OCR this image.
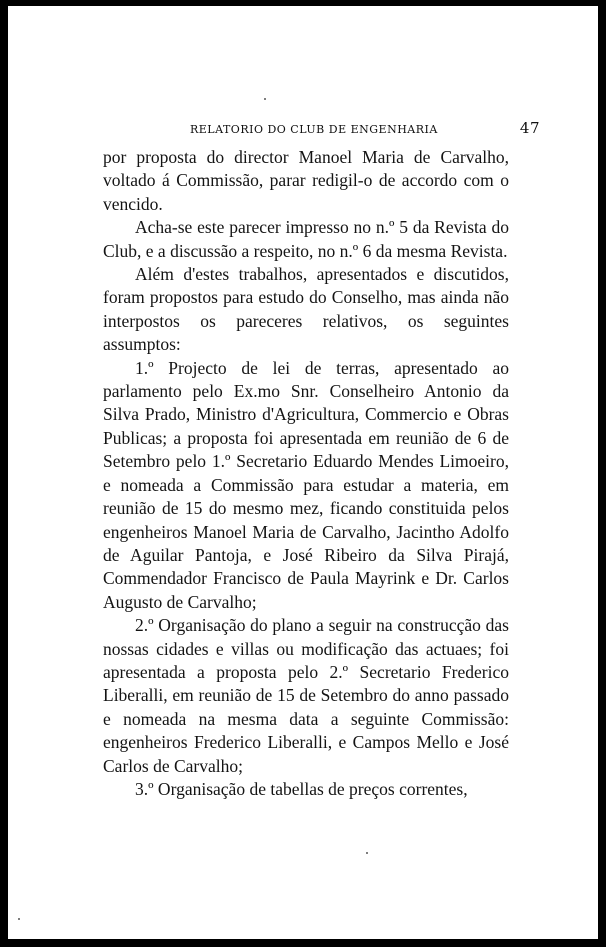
RELATORIO DO CLUB DE ENGENHARIA	47

por proposta do director Manoel Maria de Carvalho, voltado á Commissão, parar redigil-o de accordo com o vencido.

Acha-se este parecer impresso no n.º 5 da Revista do Club, e a discussão a respeito, no n.º 6 da mesma Revista.

Além d'estes trabalhos, apresentados e discutidos, foram propostos para estudo do Conselho, mas ainda não interpostos os pareceres relativos, os seguintes assumptos:

1.º Projecto de lei de terras, apresentado ao parlamento pelo Ex.mo Snr. Conselheiro Antonio da Silva Prado, Ministro d'Agricultura, Commercio e Obras Publicas; a proposta foi apresentada em reunião de 6 de Setembro pelo 1.º Secretario Eduardo Mendes Limoeiro, e nomeada a Commissão para estudar a materia, em reunião de 15 do mesmo mez, ficando constituida pelos engenheiros Manoel Maria de Carvalho, Jacintho Adolfo de Aguilar Pantoja, e José Ribeiro da Silva Pirajá, Commendador Francisco de Paula Mayrink e Dr. Carlos Augusto de Carvalho;

2.º Organisação do plano a seguir na construcção das nossas cidades e villas ou modificação das actuaes; foi apresentada a proposta pelo 2.º Secretario Frederico Liberalli, em reunião de 15 de Setembro do anno passado e nomeada na mesma data a seguinte Commissão: engenheiros Frederico Liberalli, e Campos Mello e José Carlos de Carvalho;

3.º Organisação de tabellas de preços correntes,
